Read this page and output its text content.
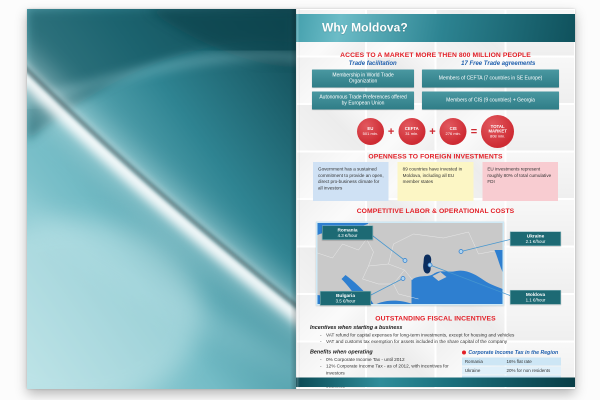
Why Moldova?
ACCES TO A MARKET MORE THEN 800 MILLION PEOPLE
Trade facilitation	17 Free Trade agreements
Membership in World Trade Organization
Members of CEFTA (7 countries in SE Europe)
Autonomous Trade Preferences offered by European Union
Members of CIS (9 countries) + Georgia
EU
501 mln. + CEFTA
31 mln. + CIS
276 mln. =	TOTAL MARKET
808 mln.
OPENNESS TO FOREIGN INVESTMENTS
Government has a sustained commitment to provide an open, direct pro-business climate for all investors
89 countries have invested in Moldova, including all EU member states
EU investments represent roughly 80% of total cumulative FDI
COMPETITIVE LABOR & OPERATIONAL COSTS
Romania
4.3 €/hour	Ukraine
2.1 €/hour
Bulgaria
3.5 €/hour
Moldova
1.1 €/hour
OUTSTANDING FISCAL INCENTIVES
Incentives when starting a business
- VAT refund for capital expenses for long-term investments, except for housing and vehicles
- VAT and customs tax exemption for assets included in the share capital of the company
Benefits when operating
- 0% Corporate Income Tax - until 2012
- 12% Corporate Income Tax - as of 2012, with incentives for investors
-
Corporate Income Tax in the Region
Romania	16% flat rate
Ukraine	20% for non residents
